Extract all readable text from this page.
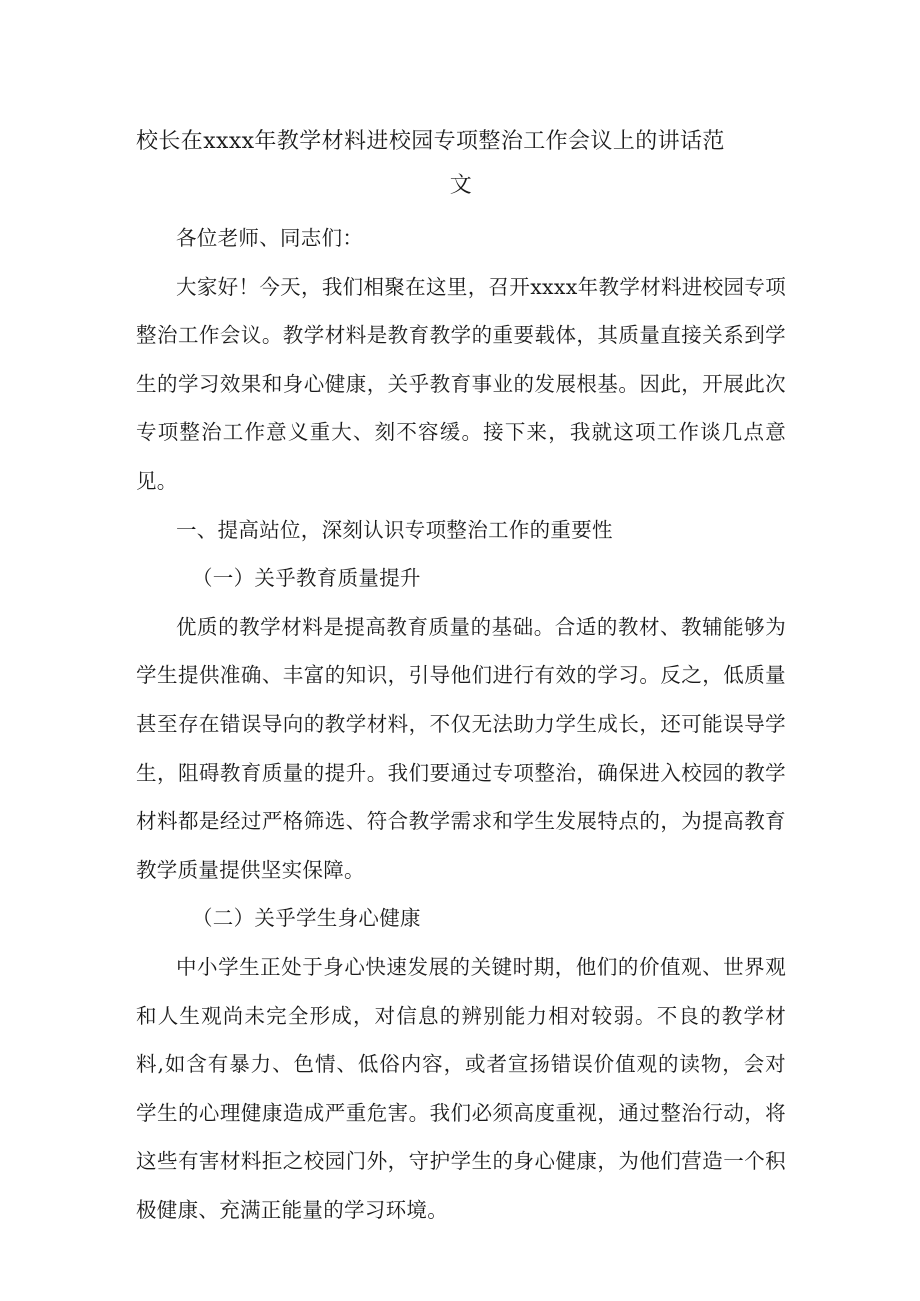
校长在xxxx年教学材料进校园专项整治工作会议上的讲话范
文

各位老师、同志们：

大家好！今天，我们相聚在这里，召开xxxx年教学材料进校园专项整治工作会议。教学材料是教育教学的重要载体，其质量直接关系到学生的学习效果和身心健康，关乎教育事业的发展根基。因此，开展此次专项整治工作意义重大、刻不容缓。接下来，我就这项工作谈几点意见。

一、提高站位，深刻认识专项整治工作的重要性

（一）关乎教育质量提升

优质的教学材料是提高教育质量的基础。合适的教材、教辅能够为学生提供准确、丰富的知识，引导他们进行有效的学习。反之，低质量甚至存在错误导向的教学材料，不仅无法助力学生成长，还可能误导学生，阻碍教育质量的提升。我们要通过专项整治，确保进入校园的教学材料都是经过严格筛选、符合教学需求和学生发展特点的，为提高教育教学质量提供坚实保障。

（二）关乎学生身心健康

中小学生正处于身心快速发展的关键时期，他们的价值观、世界观和人生观尚未完全形成，对信息的辨别能力相对较弱。不良的教学材料,如含有暴力、色情、低俗内容，或者宣扬错误价值观的读物，会对学生的心理健康造成严重危害。我们必须高度重视，通过整治行动，将这些有害材料拒之校园门外，守护学生的身心健康，为他们营造一个积极健康、充满正能量的学习环境。
